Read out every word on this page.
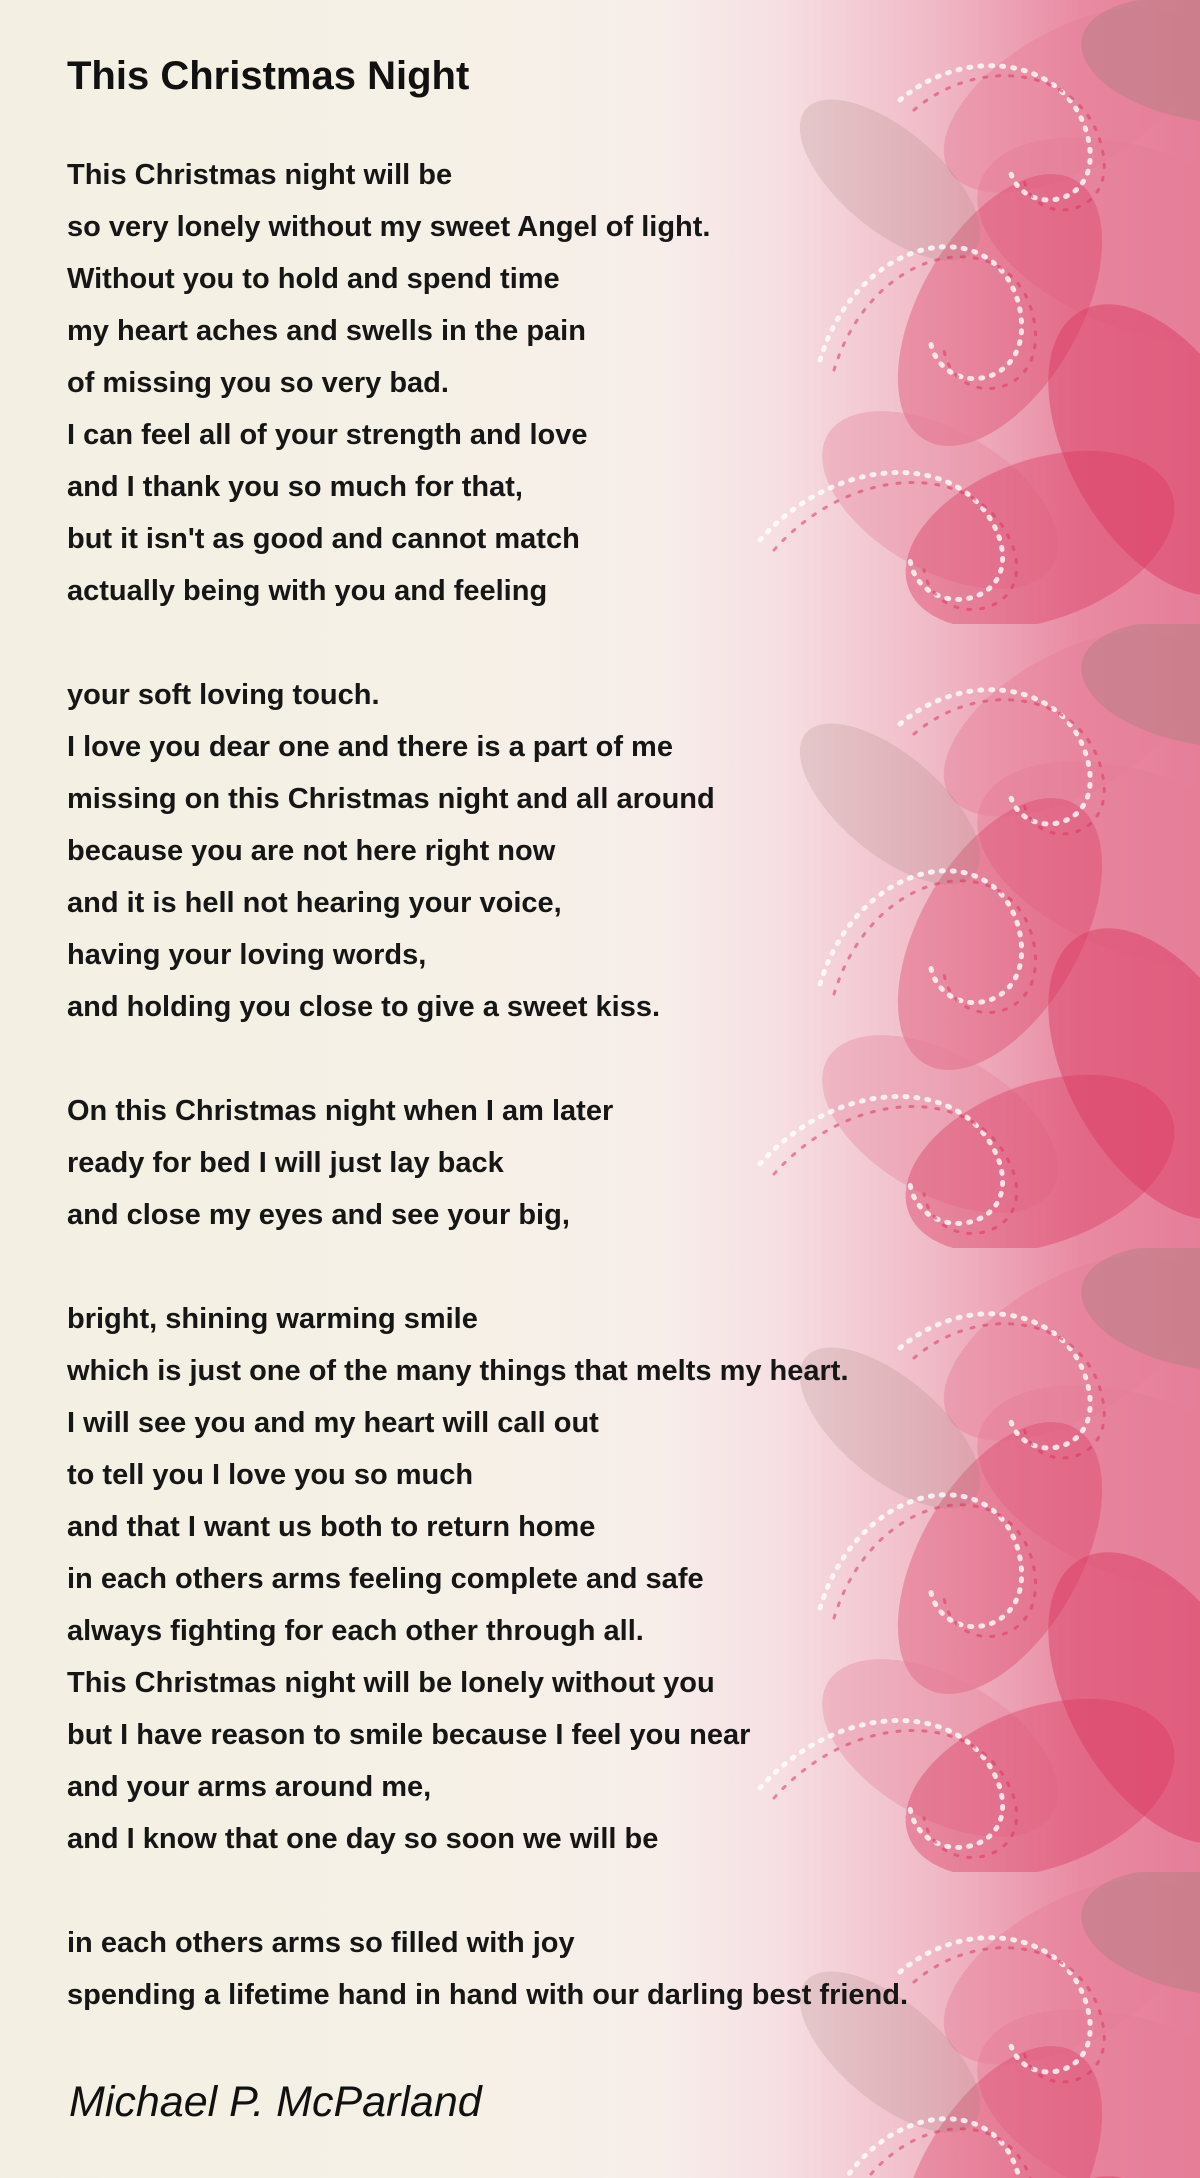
This Christmas Night
This Christmas night will be
so very lonely without my sweet Angel of light.
Without you to hold and spend time
my heart aches and swells in the pain
of missing you so very bad.
I can feel all of your strength and love
and I thank you so much for that,
but it isn't as good and cannot match
actually being with you and feeling
your soft loving touch.
I love you dear one and there is a part of me
missing on this Christmas night and all around
because you are not here right now
and it is hell not hearing your voice,
having your loving words,
and holding you close to give a sweet kiss.
On this Christmas night when I am later
ready for bed I will just lay back
and close my eyes and see your big,
bright, shining warming smile
which is just one of the many things that melts my heart.
I will see you and my heart will call out
to tell you I love you so much
and that I want us both to return home
in each others arms feeling complete and safe
always fighting for each other through all.
This Christmas night will be lonely without you
but I have reason to smile because I feel you near
and your arms around me,
and I know that one day so soon we will be
in each others arms so filled with joy
spending a lifetime hand in hand with our darling best friend.
Michael P. McParland
